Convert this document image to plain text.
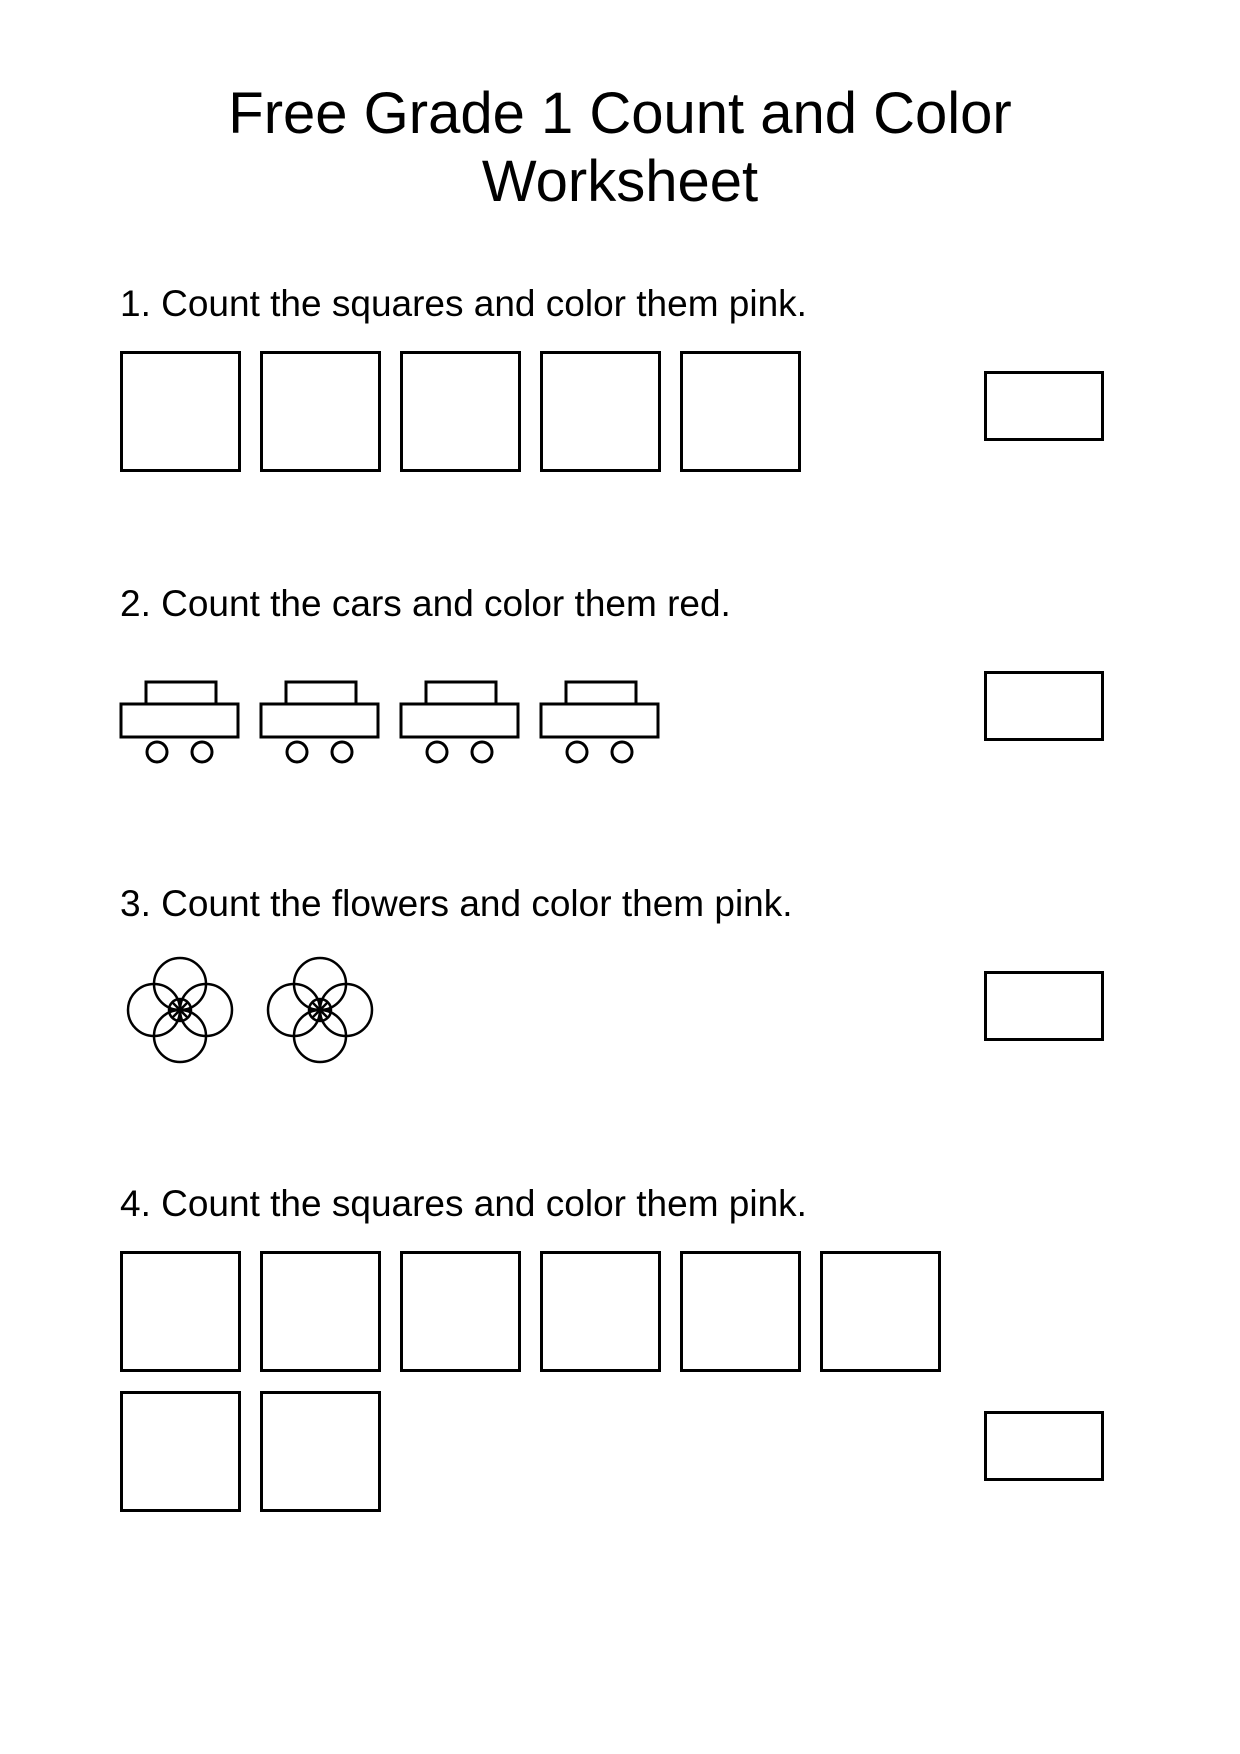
Free Grade 1 Count and Color
Worksheet
1. Count the squares and color them pink.
2. Count the cars and color them red.
3. Count the flowers and color them pink.
4. Count the squares and color them pink.
